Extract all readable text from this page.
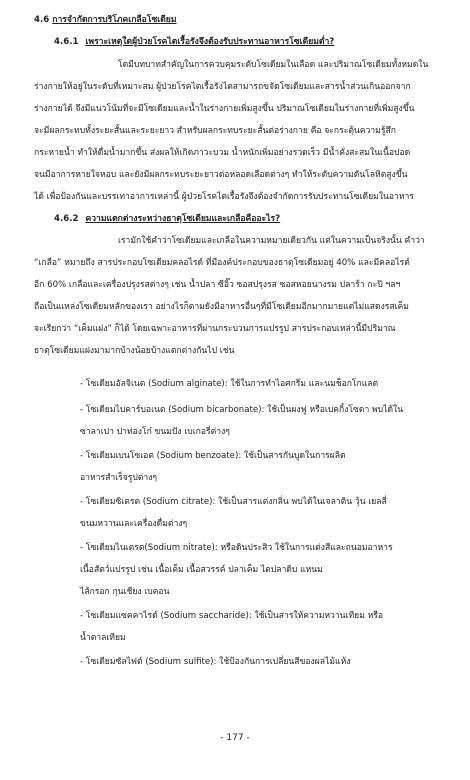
4.6 การจำกัดการบริโภคเกลือโซเดียม
4.6.1 เพราะเหตุใดผู้ป่วยโรคไตเรื้อรังจึงต้องรับประทานอาหารโซเดียมต่ำ?
โดมีบทบาทสำคัญในการควบคุมระดับโซเดียมในเลือด และปริมาณโซเดียมทั้งหมดใน
ร่างกายให้อยู่ในระดับที่เหมาะสม ผู้ป่วยโรคไตเรื้อรังไตสามารถขจัดโซเดียมและสารน้ำส่วนเกินออกจาก
ร่างกายได้ จึงมีแนวโน้มที่จะมีโซเดียมและน้ำในร่างกายเพิ่มสูงขึ้น ปริมาณโซเดียมในร่างกายที่เพิ่มสูงขึ้น
จะมีผลกระทบทั้งระยะสั้นและระยะยาว สำหรับผลกระทบระยะสั้นต่อร่างกาย คือ จะกระตุ้นความรู้สึก
กระหายน้ำ ทำให้ดื่มน้ำมากขึ้น ส่งผลให้เกิดภาวะบวม น้ำหนักเพิ่มอย่างรวดเร็ว มีน้ำคั่งสะสมในเนื้อปอด
จนมีอาการหายใจหอบ และยังมีผลกระทบระยะยาวต่อหลอดเลือดต่างๆ ทำให้ระดับความดันโลหิตสูงขึ้น
ได้ เพื่อป้องกันและบรรเทาอาการเหล่านี้ ผู้ป่วยโรคไตเรื้อรังจึงต้องจำกัดการรับประทานโซเดียมในอาหาร
4.6.2 ความแตกต่างระหว่างธาตุโซเดียมและเกลือคืออะไร?
เรามักใช้คำว่าโซเดียมและเกลือในความหมายเดียวกัน แต่ในความเป็นจริงนั้น คำว่า
“เกลือ” หมายถึง สารประกอบโซเดียมคลอไรด์ ที่มีองค์ประกอบของธาตุโซเดียมอยู่ 40% และมีคลอไรด์
อีก 60% เกลือและเครื่องปรุงรสต่างๆ เช่น น้ำปลา ซีอิ๊ว ซอสปรุงรส ซอสหอยนางรม ปลาร้า กะปิ ฯลฯ
ถือเป็นแหล่งโซเดียมหลักของเรา อย่างไรก็ตามยังมีอาหารอื่นๆที่มีโซเดียมอีกมากมายแต่ไม่แสดงรสเค็ม
จะเรียกว่า “เค็มแฝง” ก็ได้ โดยเฉพาะอาหารที่ผ่านกระบวนการแปรรูป สารประกอบเหล่านี้มีปริมาณ
ธาตุโซเดียมแฝงมามากบ้างน้อยบ้างแตกต่างกันไป เช่น
- โซเดียมอัลจิเนต (Sodium alginate): ใช้ในการทำไอศกรีม และนมช็อกโกแลต
- โซเดียมไบคาร์บอเนต (Sodium bicarbonate): ใช้เป็นผงฟู หรือเบคกิ้งโซดา พบได้ใน
ซาลาเปา ปาท่องโก๋ ขนมปัง เบเกอรี่ต่างๆ
- โซเดียมเบนโซเอต (Sodium benzoate): ใช้เป็นสารกันบูดในการผลิต
อาหารสำเร็จรูปต่างๆ
- โซเดียมซิเตรต (Sodium citrate): ใช้เป็นสารแต่งกลิ่น พบได้ในเจลาติน วุ้น เยลลี่
ขนมหวานและเครื่องดื่มต่างๆ
- โซเดียมไนเตรต(Sodium nitrate): หรือดินประสิว ใช้ในการแต่งสีและถนอมอาหาร
เนื้อสัตว์แปรรูป เช่น เนื้อเค็ม เนื้อสวรรค์ ปลาเค็ม ไตปลาดิบ แหนม
ไส้กรอก กุนเชียง เบคอน
- โซเดียมแซคคาไรด์ (Sodium saccharide): ใช้เป็นสารให้ความหวานเทียม หรือ
น้ำตาลเทียม
- โซเดียมซัลไฟต์ (Sodium sulfite): ใช้ป้องกันการเปลี่ยนสีของผลไม้แห้ง
- 177 -
